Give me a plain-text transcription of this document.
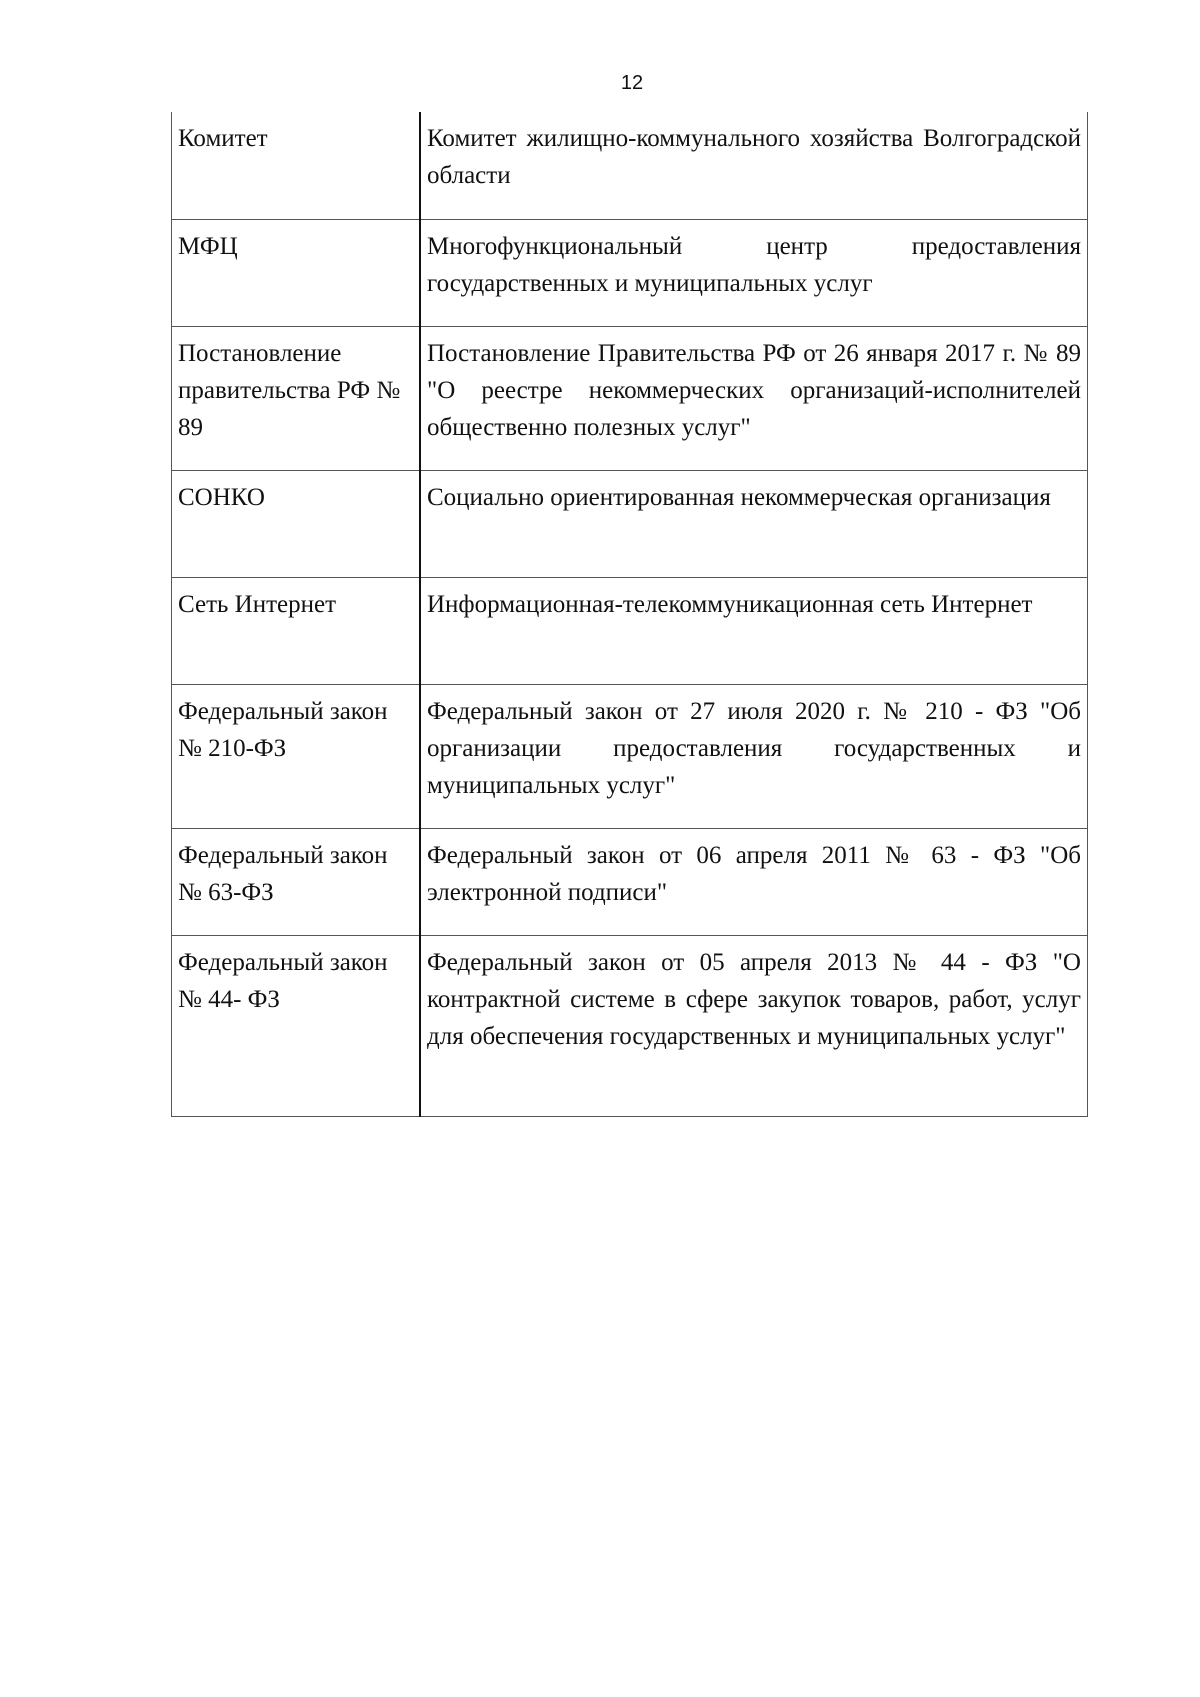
12
Комитет	Комитет жилищно-коммунального хозяйства Волгоградской области

МФЦ	Многофункциональный центр предоставления государственных и муниципальных услуг

Постановление правительства РФ № 89	Постановление Правительства РФ от 26 января 2017 г. № 89 "О реестре некоммерческих организаций-исполнителей общественно полезных услуг"

СОНКО	Социально ориентированная некоммерческая организация

Сеть Интернет	Информационная-телекоммуникационная сеть Интернет

Федеральный закон № 210-ФЗ	Федеральный закон от 27 июля 2020 г. № 210 - ФЗ "Об организации предоставления государственных и муниципальных услуг"

Федеральный закон № 63-ФЗ	Федеральный закон от 06 апреля 2011 № 63 - ФЗ "Об электронной подписи"

Федеральный закон № 44- ФЗ	Федеральный закон от 05 апреля 2013 № 44 - ФЗ "О контрактной системе в сфере закупок товаров, работ, услуг для обеспечения государственных и муниципальных услуг"
